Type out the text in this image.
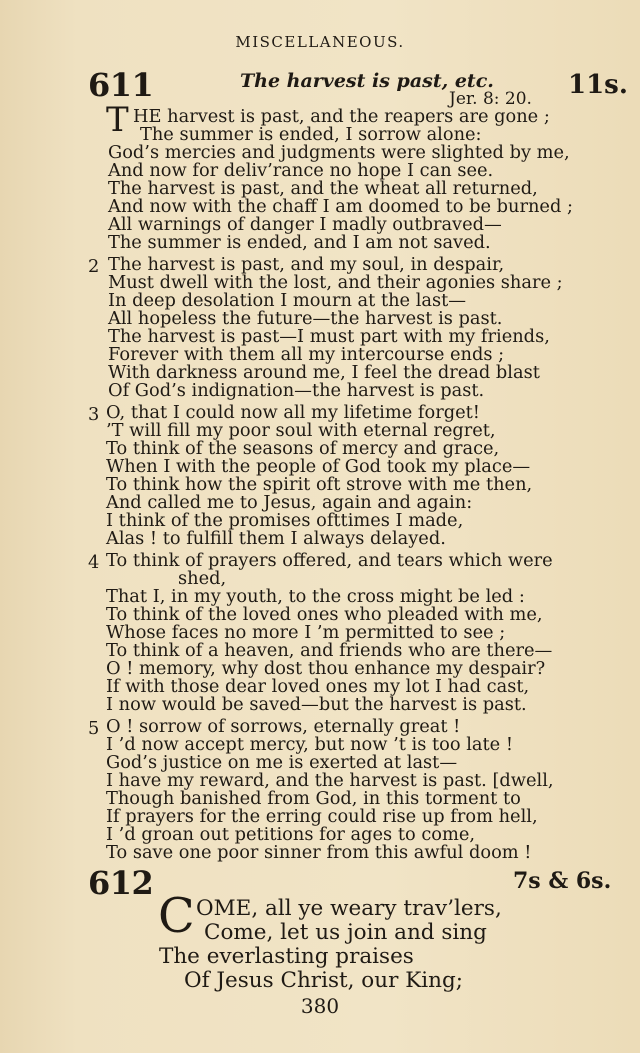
MISCELLANEOUS.
611	The harvest is past, etc.
Jer. 8: 20. 11s.
T HE harvest is past, and the reapers are gone ;
The summer is ended, I sorrow alone:
God’s mercies and judgments were slighted by me,
And now for deliv’rance no hope I can see.
The harvest is past, and the wheat all returned,
And now with the chaff I am doomed to be burned ;
All warnings of danger I madly outbraved—
The summer is ended, and I am not saved.
2 The harvest is past, and my soul, in despair,
Must dwell with the lost, and their agonies share ;
In deep desolation I mourn at the last—
All hopeless the future—the harvest is past.
The harvest is past—I must part with my friends,
Forever with them all my intercourse ends ;
With darkness around me, I feel the dread blast
Of God’s indignation—the harvest is past.
3 O, that I could now all my lifetime forget!
’T will fill my poor soul with eternal regret,
To think of the seasons of mercy and grace,
When I with the people of God took my place—
To think how the spirit oft strove with me then,
And called me to Jesus, again and again:
I think of the promises ofttimes I made,
Alas ! to fulfill them I always delayed.
4 To think of prayers offered, and tears which were
shed,
That I, in my youth, to the cross might be led :
To think of the loved ones who pleaded with me,
Whose faces no more I ’m permitted to see ;
To think of a heaven, and friends who are there—
O ! memory, why dost thou enhance my despair?
If with those dear loved ones my lot I had cast,
I now would be saved—but the harvest is past.
5 O ! sorrow of sorrows, eternally great !
I ’d now accept mercy, but now ’t is too late !
God’s justice on me is exerted at last—
I have my reward, and the harvest is past. [dwell,
Though banished from God, in this torment to
If prayers for the erring could rise up from hell,
I ’d groan out petitions for ages to come,
To save one poor sinner from this awful doom !
612	7s & 6s.
C OME, all ye weary trav’lers,
Come, let us join and sing
The everlasting praises
Of Jesus Christ, our King;
380
